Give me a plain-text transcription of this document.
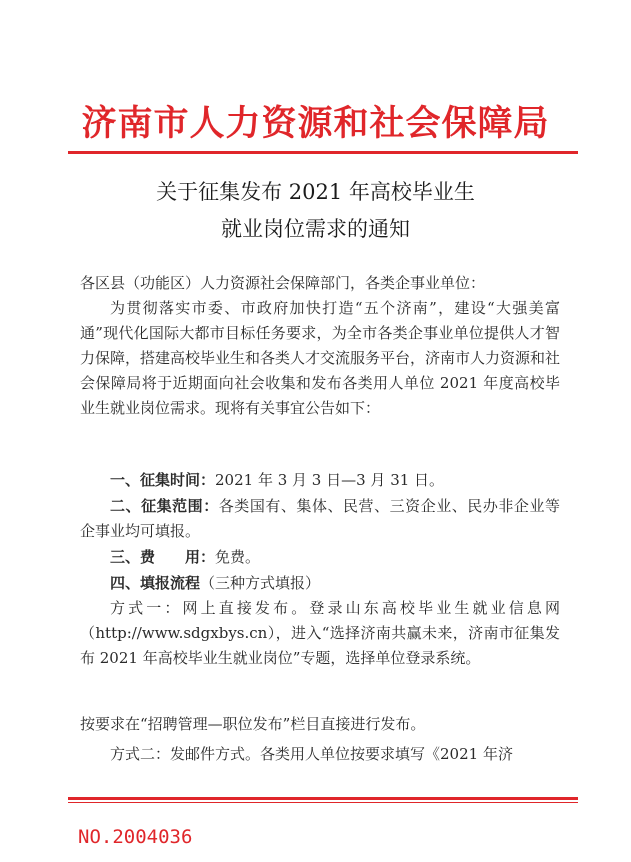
济南市人力资源和社会保障局
关于征集发布 2021 年高校毕业生
就业岗位需求的通知

各区县（功能区）人力资源社会保障部门，各类企事业单位：

为贯彻落实市委、市政府加快打造“五个济南”，建设“大强美富通”现代化国际大都市目标任务要求，为全市各类企事业单位提供人才智力保障，搭建高校毕业生和各类人才交流服务平台，济南市人力资源和社会保障局将于近期面向社会收集和发布各类用人单位 2021 年度高校毕业生就业岗位需求。现将有关事宜公告如下：

一、征集时间：2021 年 3 月 3 日—3 月 31 日。

二、征集范围：各类国有、集体、民营、三资企业、民办非企业等企事业均可填报。

三、费　　用：免费。

四、填报流程（三种方式填报）

方式一：网上直接发布。登录山东高校毕业生就业信息网（http://www.sdgxbys.cn），进入“选择济南共赢未来，济南市征集发布 2021 年高校毕业生就业岗位”专题，选择单位登录系统。

按要求在“招聘管理—职位发布”栏目直接进行发布。

方式二：发邮件方式。各类用人单位按要求填写《2021 年济

NO.2004036
